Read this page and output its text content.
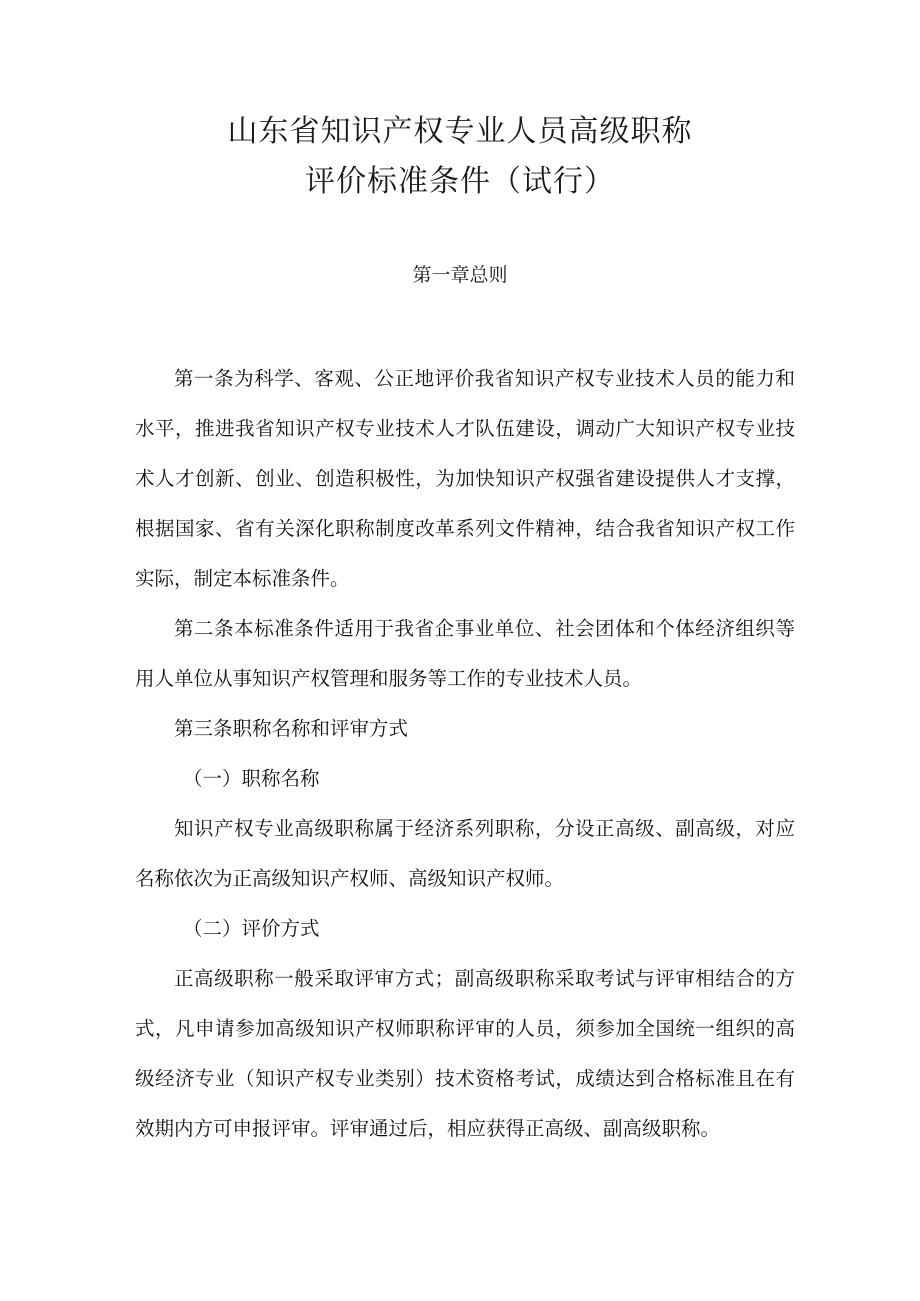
山东省知识产权专业人员高级职称
评价标准条件（试行）
第一章总则

第一条为科学、客观、公正地评价我省知识产权专业技术人员的能力和水平，推进我省知识产权专业技术人才队伍建设，调动广大知识产权专业技术人才创新、创业、创造积极性，为加快知识产权强省建设提供人才支撑，根据国家、省有关深化职称制度改革系列文件精神，结合我省知识产权工作实际，制定本标准条件。

第二条本标准条件适用于我省企事业单位、社会团体和个体经济组织等用人单位从事知识产权管理和服务等工作的专业技术人员。

第三条职称名称和评审方式

（一）职称名称

知识产权专业高级职称属于经济系列职称，分设正高级、副高级，对应名称依次为正高级知识产权师、高级知识产权师。

（二）评价方式

正高级职称一般采取评审方式；副高级职称采取考试与评审相结合的方式，凡申请参加高级知识产权师职称评审的人员，须参加全国统一组织的高级经济专业（知识产权专业类别）技术资格考试，成绩达到合格标准且在有效期内方可申报评审。评审通过后，相应获得正高级、副高级职称。
